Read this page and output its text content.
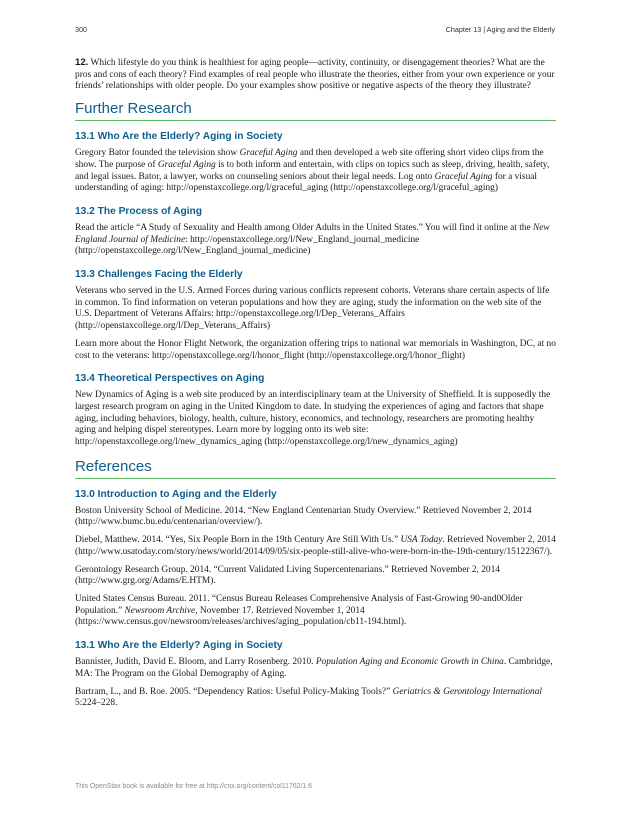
300	Chapter 13 | Aging and the Elderly

12. Which lifestyle do you think is healthiest for aging people—activity, continuity, or disengagement theories? What are the pros and cons of each theory? Find examples of real people who illustrate the theories, either from your own experience or your friends’ relationships with older people. Do your examples show positive or negative aspects of the theory they illustrate?

Further Research
13.1 Who Are the Elderly? Aging in Society

Gregory Bator founded the television show Graceful Aging and then developed a web site offering short video clips from the show. The purpose of Graceful Aging is to both inform and entertain, with clips on topics such as sleep, driving, health, safety, and legal issues. Bator, a lawyer, works on counseling seniors about their legal needs. Log onto Graceful Aging for a visual understanding of aging: http://openstaxcollege.org/l/graceful_aging (http://openstaxcollege.org/l/graceful_aging)

13.2 The Process of Aging

Read the article “A Study of Sexuality and Health among Older Adults in the United States.” You will find it online at the New England Journal of Medicine: http://openstaxcollege.org/l/New_England_journal_medicine (http://openstaxcollege.org/l/New_England_journal_medicine)

13.3 Challenges Facing the Elderly

Veterans who served in the U.S. Armed Forces during various conflicts represent cohorts. Veterans share certain aspects of life in common. To find information on veteran populations and how they are aging, study the information on the web site of the U.S. Department of Veterans Affairs: http://openstaxcollege.org/l/Dep_Veterans_Affairs (http://openstaxcollege.org/l/Dep_Veterans_Affairs)

Learn more about the Honor Flight Network, the organization offering trips to national war memorials in Washington, DC, at no cost to the veterans: http://openstaxcollege.org/l/honor_flight (http://openstaxcollege.org/l/honor_flight)

13.4 Theoretical Perspectives on Aging

New Dynamics of Aging is a web site produced by an interdisciplinary team at the University of Sheffield. It is supposedly the largest research program on aging in the United Kingdom to date. In studying the experiences of aging and factors that shape aging, including behaviors, biology, health, culture, history, economics, and technology, researchers are promoting healthy aging and helping dispel stereotypes. Learn more by logging onto its web site: http://openstaxcollege.org/l/new_dynamics_aging (http://openstaxcollege.org/l/new_dynamics_aging)

References
13.0 Introduction to Aging and the Elderly

Boston University School of Medicine. 2014. “New England Centenarian Study Overview.” Retrieved November 2, 2014 (http://www.bumc.bu.edu/centenarian/overview/).

Diebel, Matthew. 2014. “Yes, Six People Born in the 19th Century Are Still With Us.” USA Today. Retrieved November 2, 2014 (http://www.usatoday.com/story/news/world/2014/09/05/six-people-still-alive-who-were-born-in-the-19th-century/15122367/).

Gerontology Research Group. 2014. “Current Validated Living Supercentenarians.” Retrieved November 2, 2014 (http://www.grg.org/Adams/E.HTM).

United States Census Bureau. 2011. “Census Bureau Releases Comprehensive Analysis of Fast-Growing 90-and0Older Population.” Newsroom Archive, November 17. Retrieved November 1, 2014 (https://www.census.gov/newsroom/releases/archives/aging_population/cb11-194.html).

13.1 Who Are the Elderly? Aging in Society

Bannister, Judith, David E. Bloom, and Larry Rosenberg. 2010. Population Aging and Economic Growth in China. Cambridge, MA: The Program on the Global Demography of Aging.

Bartram, L., and B. Roe. 2005. “Dependency Ratios: Useful Policy-Making Tools?” Geriatrics & Gerontology International 5:224–228.

This OpenStax book is available for free at http://cnx.org/content/col11762/1.6
